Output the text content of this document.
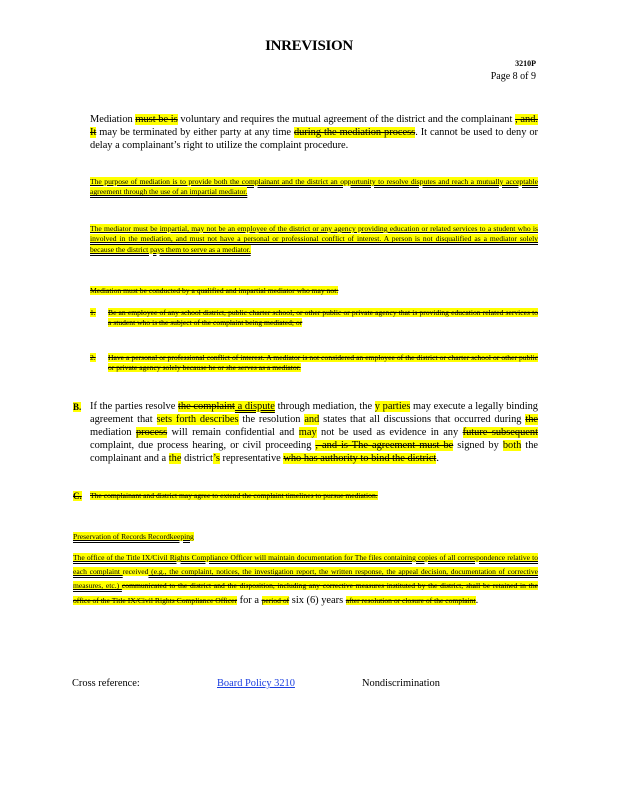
INREVISION
3210P
Page 8 of 9

Mediation must be is voluntary and requires the mutual agreement of the district and the complainant , and. It may be terminated by either party at any time during the mediation process. It cannot be used to deny or delay a complainant’s right to utilize the complaint procedure.

The purpose of mediation is to provide both the complainant and the district an opportunity to resolve disputes and reach a mutually acceptable agreement through the use of an impartial mediator.

The mediator must be impartial, may not be an employee of the district or any agency providing education or related services to a student who is involved in the mediation, and must not have a personal or professional conflict of interest. A person is not disqualified as a mediator solely because the district pays them to serve as a mediator.

Mediation must be conducted by a qualified and impartial mediator who may not:

1. Be an employee of any school district, public charter school, or other public or private agency that is providing education related services to a student who is the subject of the complaint being mediated; or

2. Have a personal or professional conflict of interest. A mediator is not considered an employee of the district or charter school or other public or private agency solely because he or she serves as a mediator.

B. If the parties resolve the complaint a dispute through mediation, the y parties may execute a legally binding agreement that sets forth describes the resolution and states that all discussions that occurred during the mediation process will remain confidential and may not be used as evidence in any future subsequent complaint, due process hearing, or civil proceeding , and is The agreement must be signed by both the complainant and a the district’s representative who has authority to bind the district.

C. The complainant and district may agree to extend the complaint timelines to pursue mediation.

Preservation of Records Recordkeeping

The office of the Title IX/Civil Rights Compliance Officer will maintain documentation for The files containing copies of all correspondence relative to each complaint received (e.g., the complaint, notices, the investigation report, the written response, the appeal decision, documentation of corrective measures, etc.) communicated to the district and the disposition, including any corrective measures instituted by the district, shall be retained in the office of the Title IX/Civil Rights Compliance Officer for a period of six (6) years after resolution or closure of the complaint.

Cross reference:	Board Policy 3210	Nondiscrimination
